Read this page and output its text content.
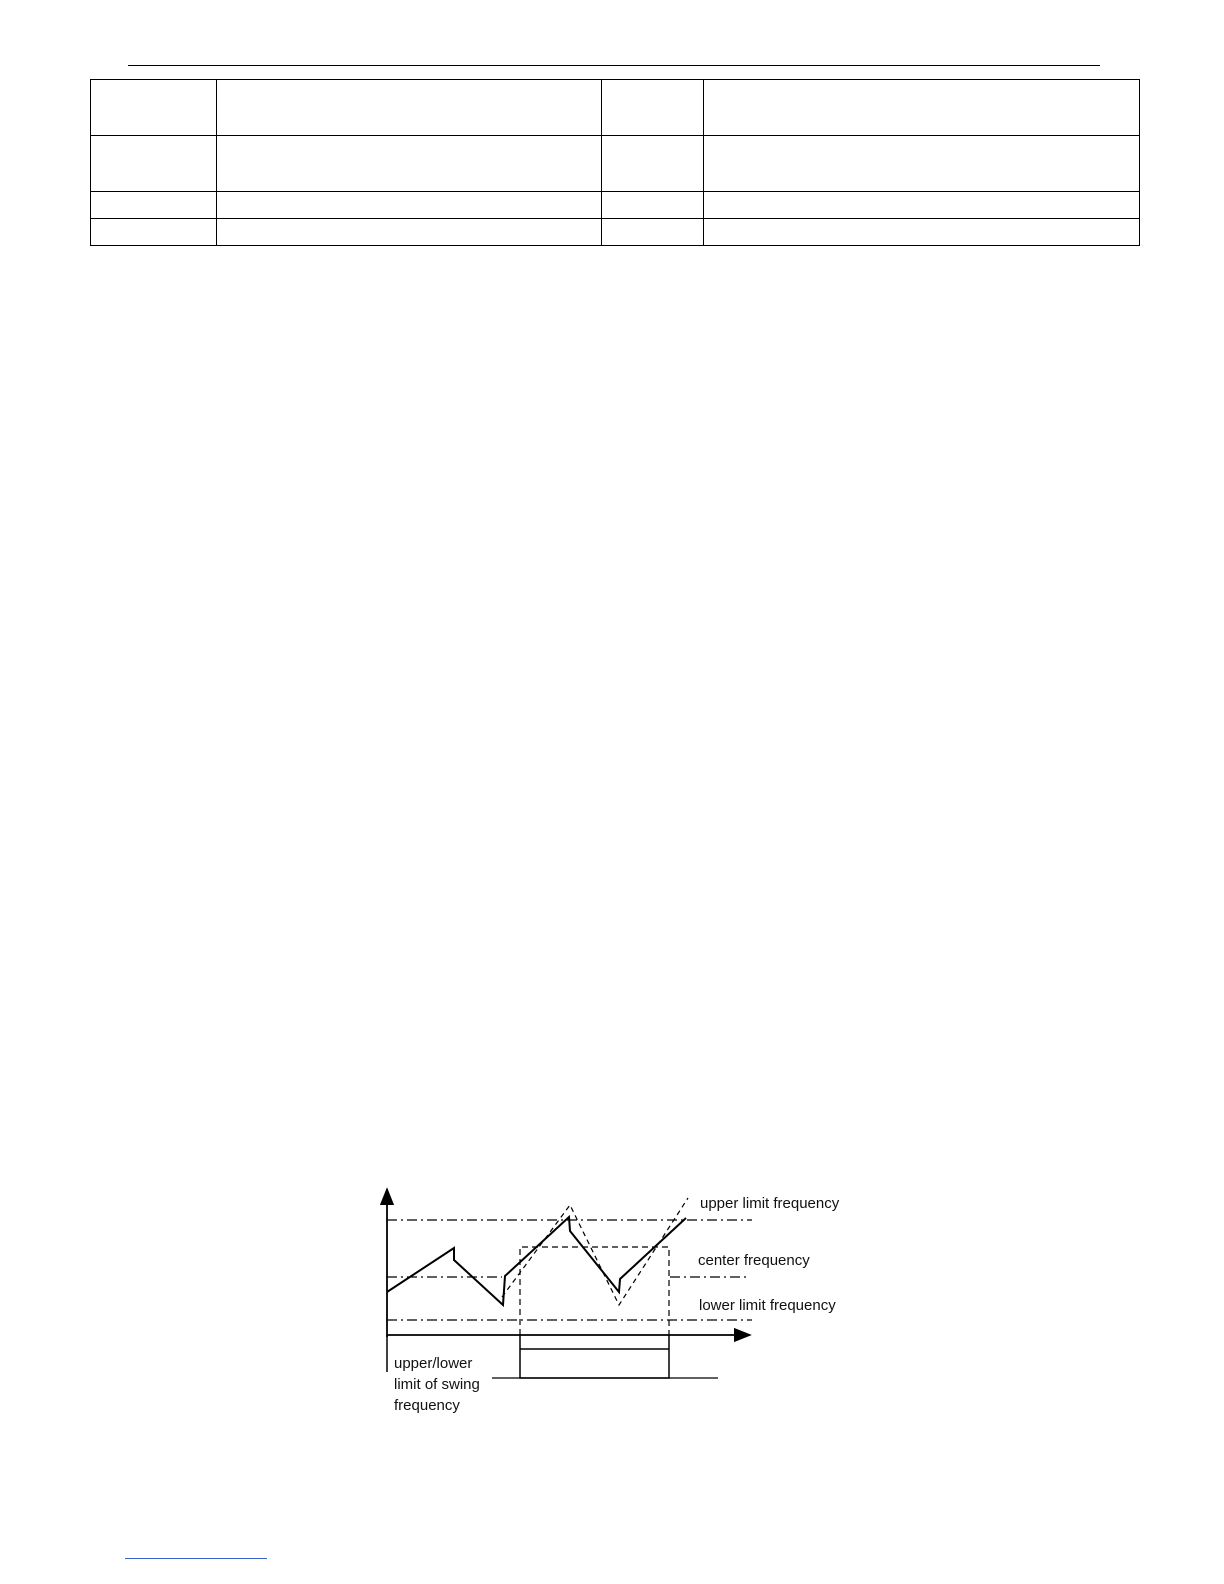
upper limit frequency
center frequency
lower limit frequency
upper/lower
limit of swing
frequency
